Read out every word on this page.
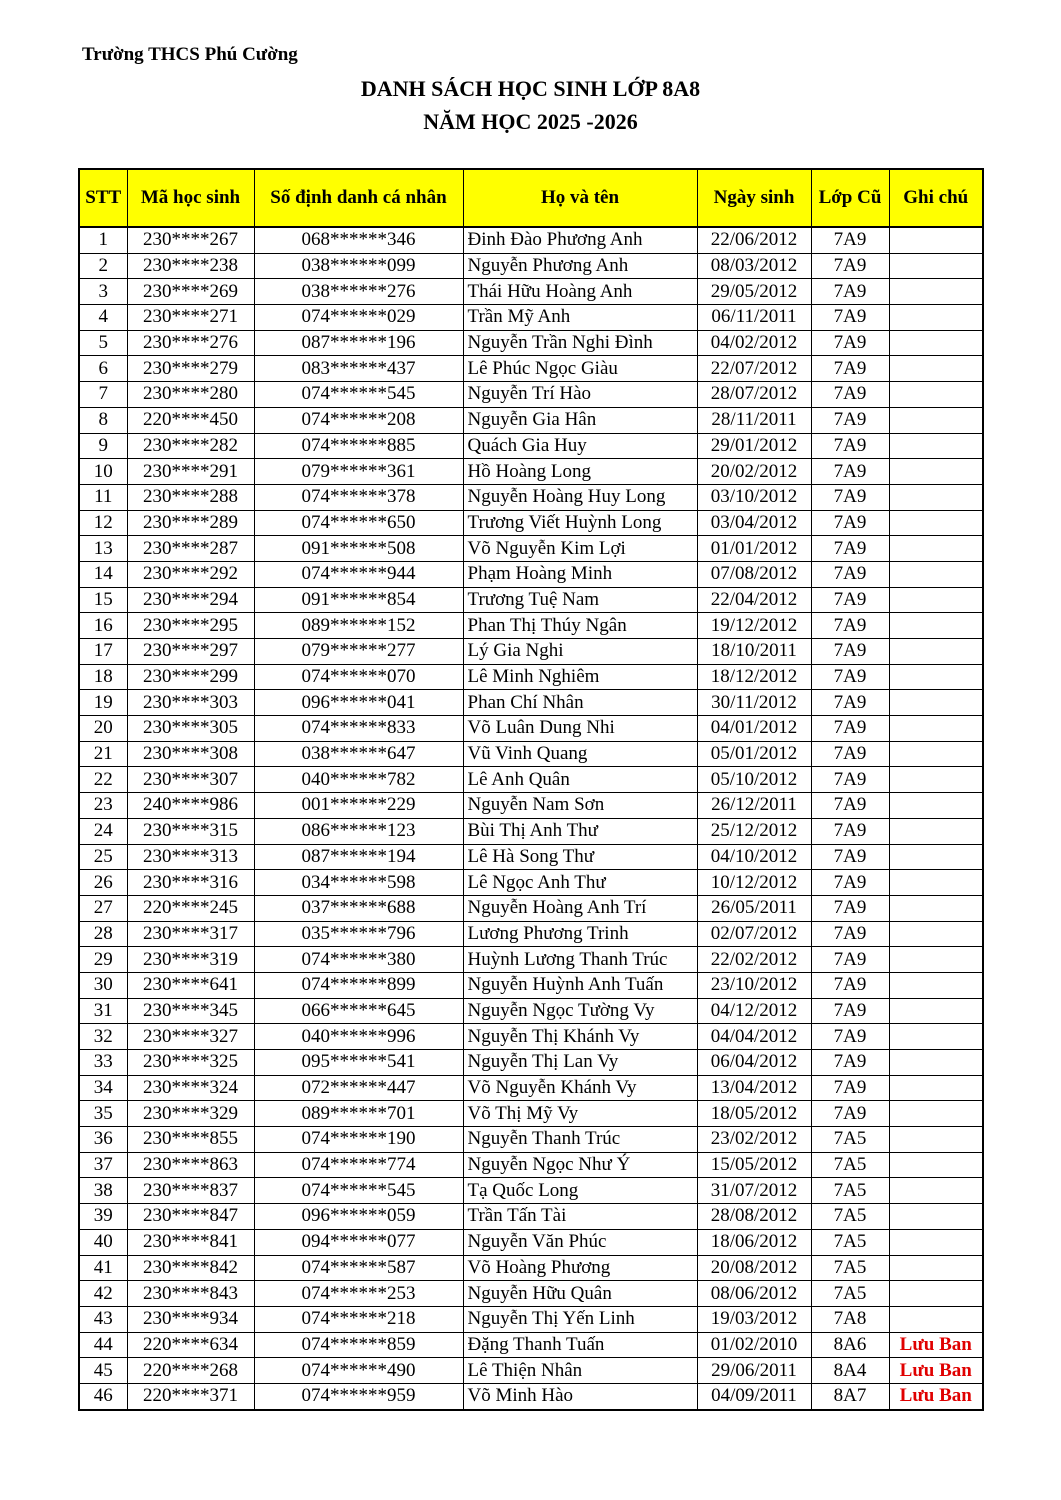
Trường THCS Phú Cường
DANH SÁCH HỌC SINH LỚP 8A8
NĂM HỌC 2025 -2026
STT	Mã học sinh	Số định danh cá nhân	Họ và tên	Ngày sinh	Lớp Cũ	Ghi chú
1	230****267	068******346	Đinh Đào Phương Anh	22/06/2012	7A9	
2	230****238	038******099	Nguyễn Phương Anh	08/03/2012	7A9	
3	230****269	038******276	Thái Hữu Hoàng Anh	29/05/2012	7A9	
4	230****271	074******029	Trần Mỹ Anh	06/11/2011	7A9	
5	230****276	087******196	Nguyễn Trần Nghi Đình	04/02/2012	7A9	
6	230****279	083******437	Lê Phúc Ngọc Giàu	22/07/2012	7A9	
7	230****280	074******545	Nguyễn Trí Hào	28/07/2012	7A9	
8	220****450	074******208	Nguyễn Gia Hân	28/11/2011	7A9	
9	230****282	074******885	Quách Gia Huy	29/01/2012	7A9	
10	230****291	079******361	Hồ Hoàng Long	20/02/2012	7A9	
11	230****288	074******378	Nguyễn Hoàng Huy Long	03/10/2012	7A9	
12	230****289	074******650	Trương Viết Huỳnh Long	03/04/2012	7A9	
13	230****287	091******508	Võ Nguyễn Kim Lợi	01/01/2012	7A9	
14	230****292	074******944	Phạm Hoàng Minh	07/08/2012	7A9	
15	230****294	091******854	Trương Tuệ Nam	22/04/2012	7A9	
16	230****295	089******152	Phan Thị Thúy Ngân	19/12/2012	7A9	
17	230****297	079******277	Lý Gia Nghi	18/10/2011	7A9	
18	230****299	074******070	Lê Minh Nghiêm	18/12/2012	7A9	
19	230****303	096******041	Phan Chí Nhân	30/11/2012	7A9	
20	230****305	074******833	Võ Luân Dung Nhi	04/01/2012	7A9	
21	230****308	038******647	Vũ Vinh Quang	05/01/2012	7A9	
22	230****307	040******782	Lê Anh Quân	05/10/2012	7A9	
23	240****986	001******229	Nguyễn Nam Sơn	26/12/2011	7A9	
24	230****315	086******123	Bùi Thị Anh Thư	25/12/2012	7A9	
25	230****313	087******194	Lê Hà Song Thư	04/10/2012	7A9	
26	230****316	034******598	Lê Ngọc Anh Thư	10/12/2012	7A9	
27	220****245	037******688	Nguyễn Hoàng Anh Trí	26/05/2011	7A9	
28	230****317	035******796	Lương Phương Trinh	02/07/2012	7A9	
29	230****319	074******380	Huỳnh Lương Thanh Trúc	22/02/2012	7A9	
30	230****641	074******899	Nguyễn Huỳnh Anh Tuấn	23/10/2012	7A9	
31	230****345	066******645	Nguyễn Ngọc Tường Vy	04/12/2012	7A9	
32	230****327	040******996	Nguyễn Thị Khánh Vy	04/04/2012	7A9	
33	230****325	095******541	Nguyễn Thị Lan Vy	06/04/2012	7A9	
34	230****324	072******447	Võ Nguyễn Khánh Vy	13/04/2012	7A9	
35	230****329	089******701	Võ Thị Mỹ Vy	18/05/2012	7A9	
36	230****855	074******190	Nguyễn Thanh Trúc	23/02/2012	7A5	
37	230****863	074******774	Nguyễn Ngọc Như Ý	15/05/2012	7A5	
38	230****837	074******545	Tạ Quốc Long	31/07/2012	7A5	
39	230****847	096******059	Trần Tấn Tài	28/08/2012	7A5	
40	230****841	094******077	Nguyễn Văn Phúc	18/06/2012	7A5	
41	230****842	074******587	Võ Hoàng Phương	20/08/2012	7A5	
42	230****843	074******253	Nguyễn Hữu Quân	08/06/2012	7A5	
43	230****934	074******218	Nguyễn Thị Yến Linh	19/03/2012	7A8	
44	220****634	074******859	Đặng Thanh Tuấn	01/02/2010	8A6	Lưu Ban
45	220****268	074******490	Lê Thiện Nhân	29/06/2011	8A4	Lưu Ban
46	220****371	074******959	Võ Minh Hào	04/09/2011	8A7	Lưu Ban
